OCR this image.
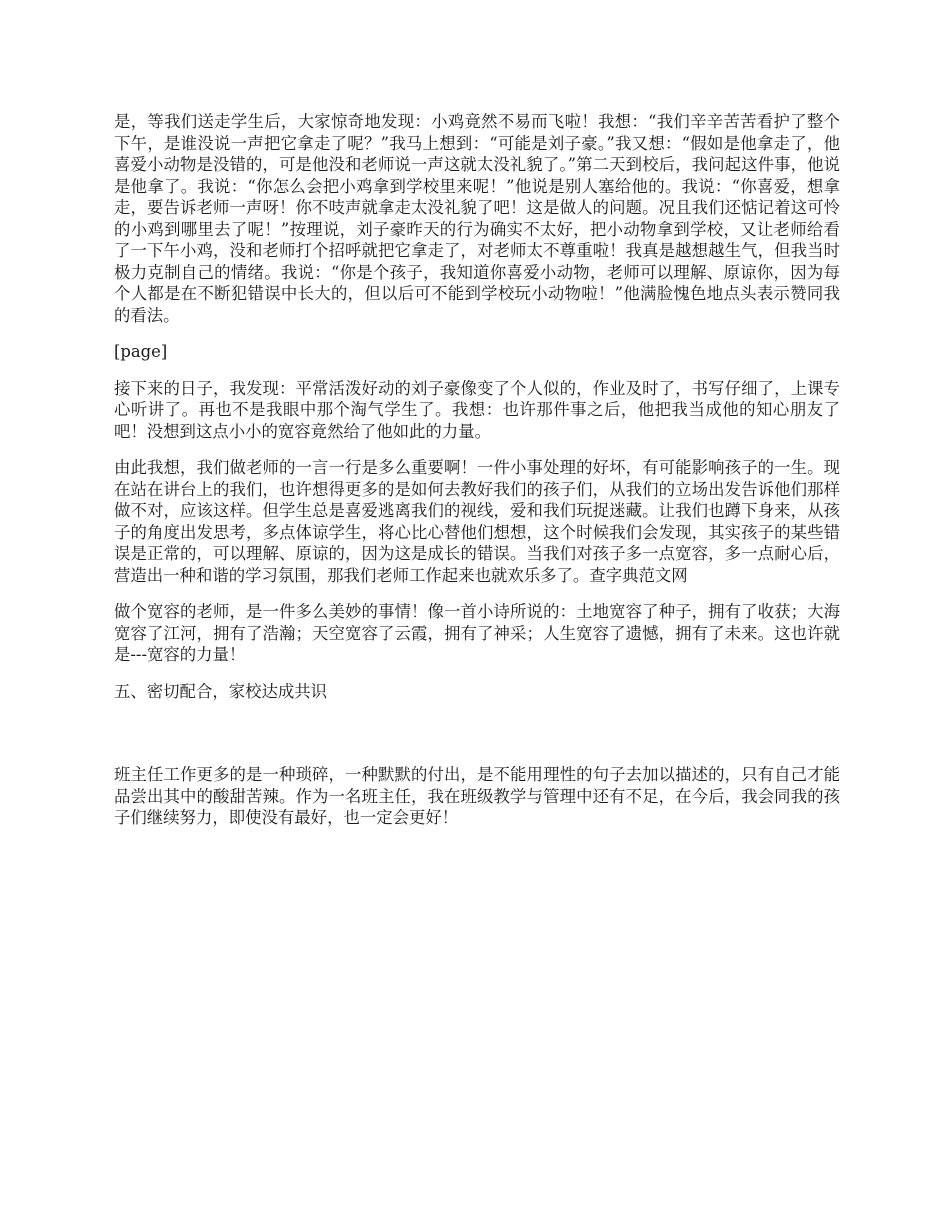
是，等我们送走学生后，大家惊奇地发现：小鸡竟然不易而飞啦！我想：“我们辛辛苦苦看护了整个下午，是谁没说一声把它拿走了呢？”我马上想到：“可能是刘子豪。”我又想：“假如是他拿走了，他喜爱小动物是没错的，可是他没和老师说一声这就太没礼貌了。”第二天到校后，我问起这件事，他说是他拿了。我说：“你怎么会把小鸡拿到学校里来呢！”他说是别人塞给他的。我说：“你喜爱，想拿走，要告诉老师一声呀！你不吱声就拿走太没礼貌了吧！这是做人的问题。况且我们还惦记着这可怜的小鸡到哪里去了呢！”按理说，刘子豪昨天的行为确实不太好，把小动物拿到学校，又让老师给看了一下午小鸡，没和老师打个招呼就把它拿走了，对老师太不尊重啦！我真是越想越生气，但我当时极力克制自己的情绪。我说：“你是个孩子，我知道你喜爱小动物，老师可以理解、原谅你，因为每个人都是在不断犯错误中长大的，但以后可不能到学校玩小动物啦！”他满脸愧色地点头表示赞同我的看法。

[page]

接下来的日子，我发现：平常活泼好动的刘子豪像变了个人似的，作业及时了，书写仔细了，上课专心听讲了。再也不是我眼中那个淘气学生了。我想：也许那件事之后，他把我当成他的知心朋友了吧！没想到这点小小的宽容竟然给了他如此的力量。

由此我想，我们做老师的一言一行是多么重要啊！一件小事处理的好坏，有可能影响孩子的一生。现在站在讲台上的我们，也许想得更多的是如何去教好我们的孩子们，从我们的立场出发告诉他们那样做不对，应该这样。但学生总是喜爱逃离我们的视线，爱和我们玩捉迷藏。让我们也蹲下身来，从孩子的角度出发思考，多点体谅学生，将心比心替他们想想，这个时候我们会发现，其实孩子的某些错误是正常的，可以理解、原谅的，因为这是成长的错误。当我们对孩子多一点宽容，多一点耐心后，营造出一种和谐的学习氛围，那我们老师工作起来也就欢乐多了。查字典范文网

做个宽容的老师，是一件多么美妙的事情！像一首小诗所说的：土地宽容了种子，拥有了收获；大海宽容了江河，拥有了浩瀚；天空宽容了云霞，拥有了神采；人生宽容了遗憾，拥有了未来。这也许就是---宽容的力量！

五、密切配合，家校达成共识

班主任工作更多的是一种琐碎，一种默默的付出，是不能用理性的句子去加以描述的，只有自己才能品尝出其中的酸甜苦辣。作为一名班主任，我在班级教学与管理中还有不足，在今后，我会同我的孩子们继续努力，即使没有最好，也一定会更好！
